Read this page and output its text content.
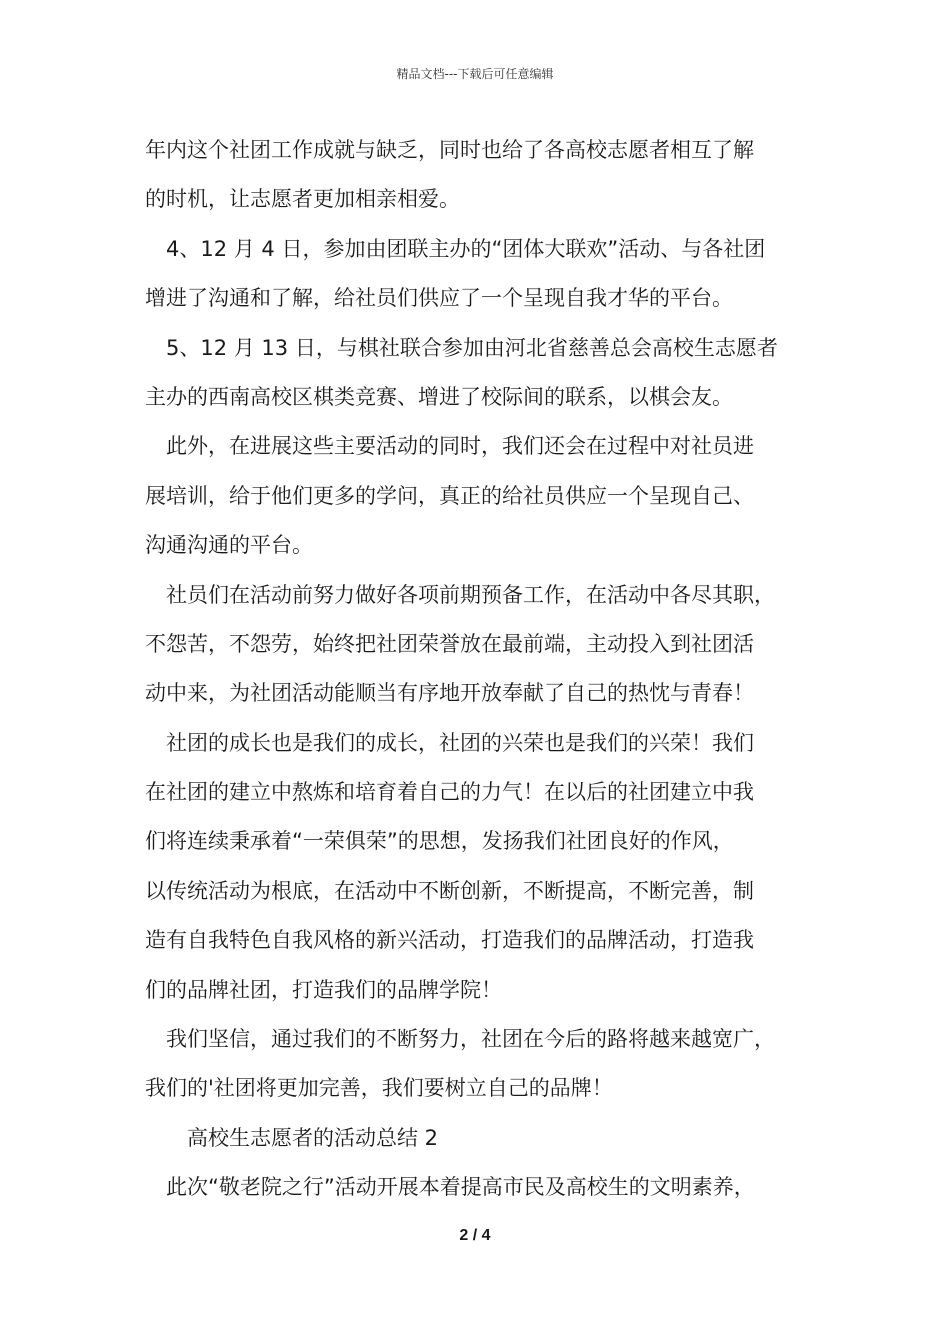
精品文档---下载后可任意编辑
年内这个社团工作成就与缺乏，同时也给了各高校志愿者相互了解
的时机，让志愿者更加相亲相爱。
4、12 月 4 日，参加由团联主办的“团体大联欢”活动、与各社团
增进了沟通和了解，给社员们供应了一个呈现自我才华的平台。
5、12 月 13 日，与棋社联合参加由河北省慈善总会高校生志愿者
主办的西南高校区棋类竞赛、增进了校际间的联系，以棋会友。
此外，在进展这些主要活动的同时，我们还会在过程中对社员进
展培训，给于他们更多的学问，真正的给社员供应一个呈现自己、
沟通沟通的平台。
社员们在活动前努力做好各项前期预备工作，在活动中各尽其职，
不怨苦，不怨劳，始终把社团荣誉放在最前端，主动投入到社团活
动中来，为社团活动能顺当有序地开放奉献了自己的热忱与青春！
社团的成长也是我们的成长，社团的兴荣也是我们的兴荣！我们
在社团的建立中熬炼和培育着自己的力气！在以后的社团建立中我
们将连续秉承着“一荣俱荣”的思想，发扬我们社团良好的作风，
以传统活动为根底，在活动中不断创新，不断提高，不断完善，制
造有自我特色自我风格的新兴活动，打造我们的品牌活动，打造我
们的品牌社团，打造我们的品牌学院！
我们坚信，通过我们的不断努力，社团在今后的路将越来越宽广，
我们的'社团将更加完善，我们要树立自己的品牌！
高校生志愿者的活动总结 2
此次“敬老院之行”活动开展本着提高市民及高校生的文明素养，
2 / 4
